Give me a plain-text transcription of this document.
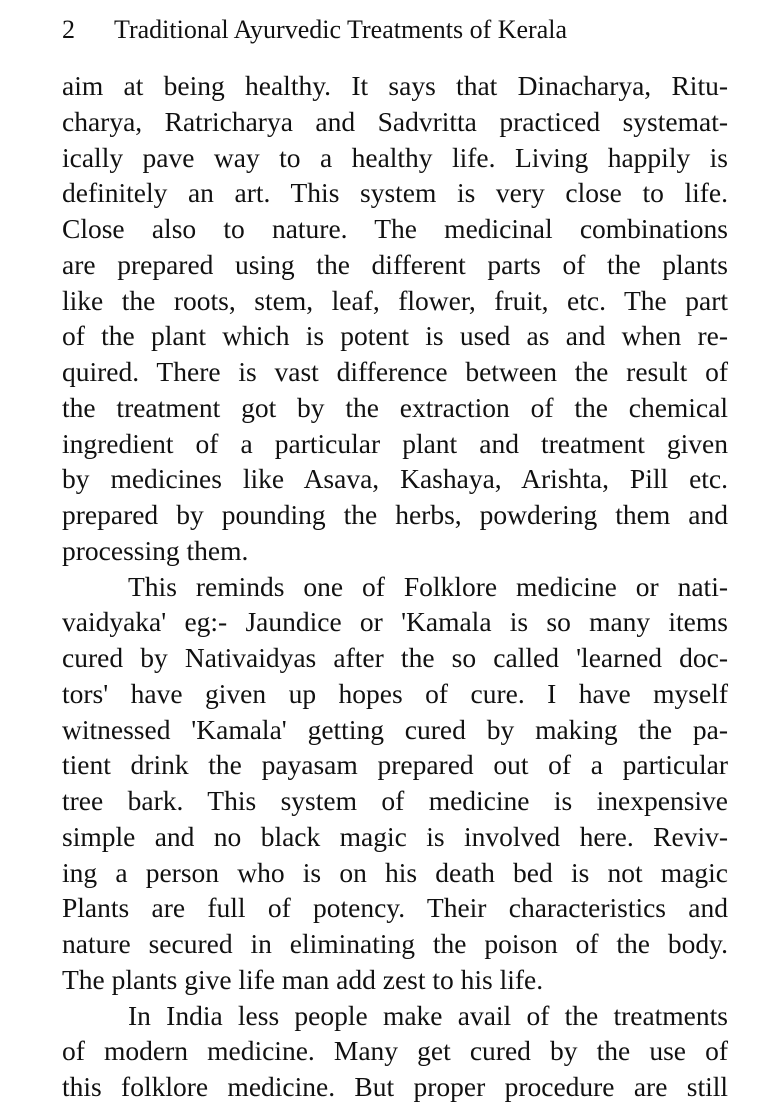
2 Traditional Ayurvedic Treatments of Kerala
aim at being healthy. It says that Dinacharya, Ritu-
charya, Ratricharya and Sadvritta practiced systemat-
ically pave way to a healthy life. Living happily is
definitely an art. This system is very close to life.
Close also to nature. The medicinal combinations
are prepared using the different parts of the plants
like the roots, stem, leaf, flower, fruit, etc. The part
of the plant which is potent is used as and when re-
quired. There is vast difference between the result of
the treatment got by the extraction of the chemical
ingredient of a particular plant and treatment given
by medicines like Asava, Kashaya, Arishta, Pill etc.
prepared by pounding the herbs, powdering them and
processing them.
This reminds one of Folklore medicine or nati-
vaidyaka' eg:- Jaundice or 'Kamala is so many items
cured by Nativaidyas after the so called 'learned doc-
tors' have given up hopes of cure. I have myself
witnessed 'Kamala' getting cured by making the pa-
tient drink the payasam prepared out of a particular
tree bark. This system of medicine is inexpensive
simple and no black magic is involved here. Reviv-
ing a person who is on his death bed is not magic
Plants are full of potency. Their characteristics and
nature secured in eliminating the poison of the body.
The plants give life man add zest to his life.
In India less people make avail of the treatments
of modern medicine. Many get cured by the use of
this folklore medicine. But proper procedure are still
